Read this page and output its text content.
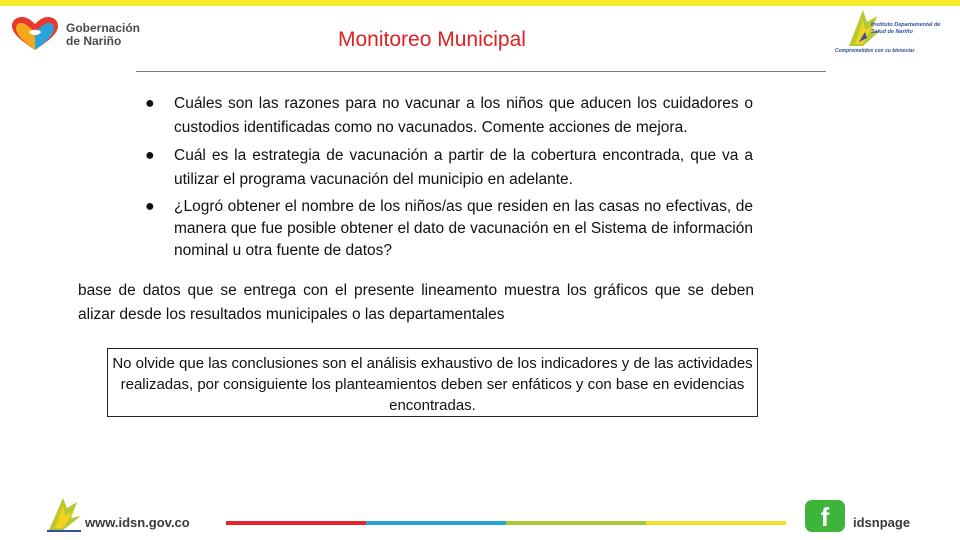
Gobernación
de Nariño	Monitoreo Municipal
Instituto Departamental de Salud de Nariño
Comprometidos con su bienestar
● Cuáles son las razones para no vacunar a los niños que aducen los cuidadores o custodios identificadas como no vacunados. Comente acciones de mejora.
● Cuál es la estrategia de vacunación a partir de la cobertura encontrada, que va a utilizar el programa vacunación del municipio en adelante.
● ¿Logró obtener el nombre de los niños/as que residen en las casas no efectivas, de manera que fue posible obtener el dato de vacunación en el Sistema de información nominal u otra fuente de datos?
base de datos que se entrega con el presente lineamento muestra los gráficos que se deben alizar desde los resultados municipales o las departamentales
No olvide que las conclusiones son el análisis exhaustivo de los indicadores y de las actividades realizadas, por consiguiente los planteamientos deben ser enfáticos y con base en evidencias encontradas.
www.idsn.gov.co	f	idsnpage
